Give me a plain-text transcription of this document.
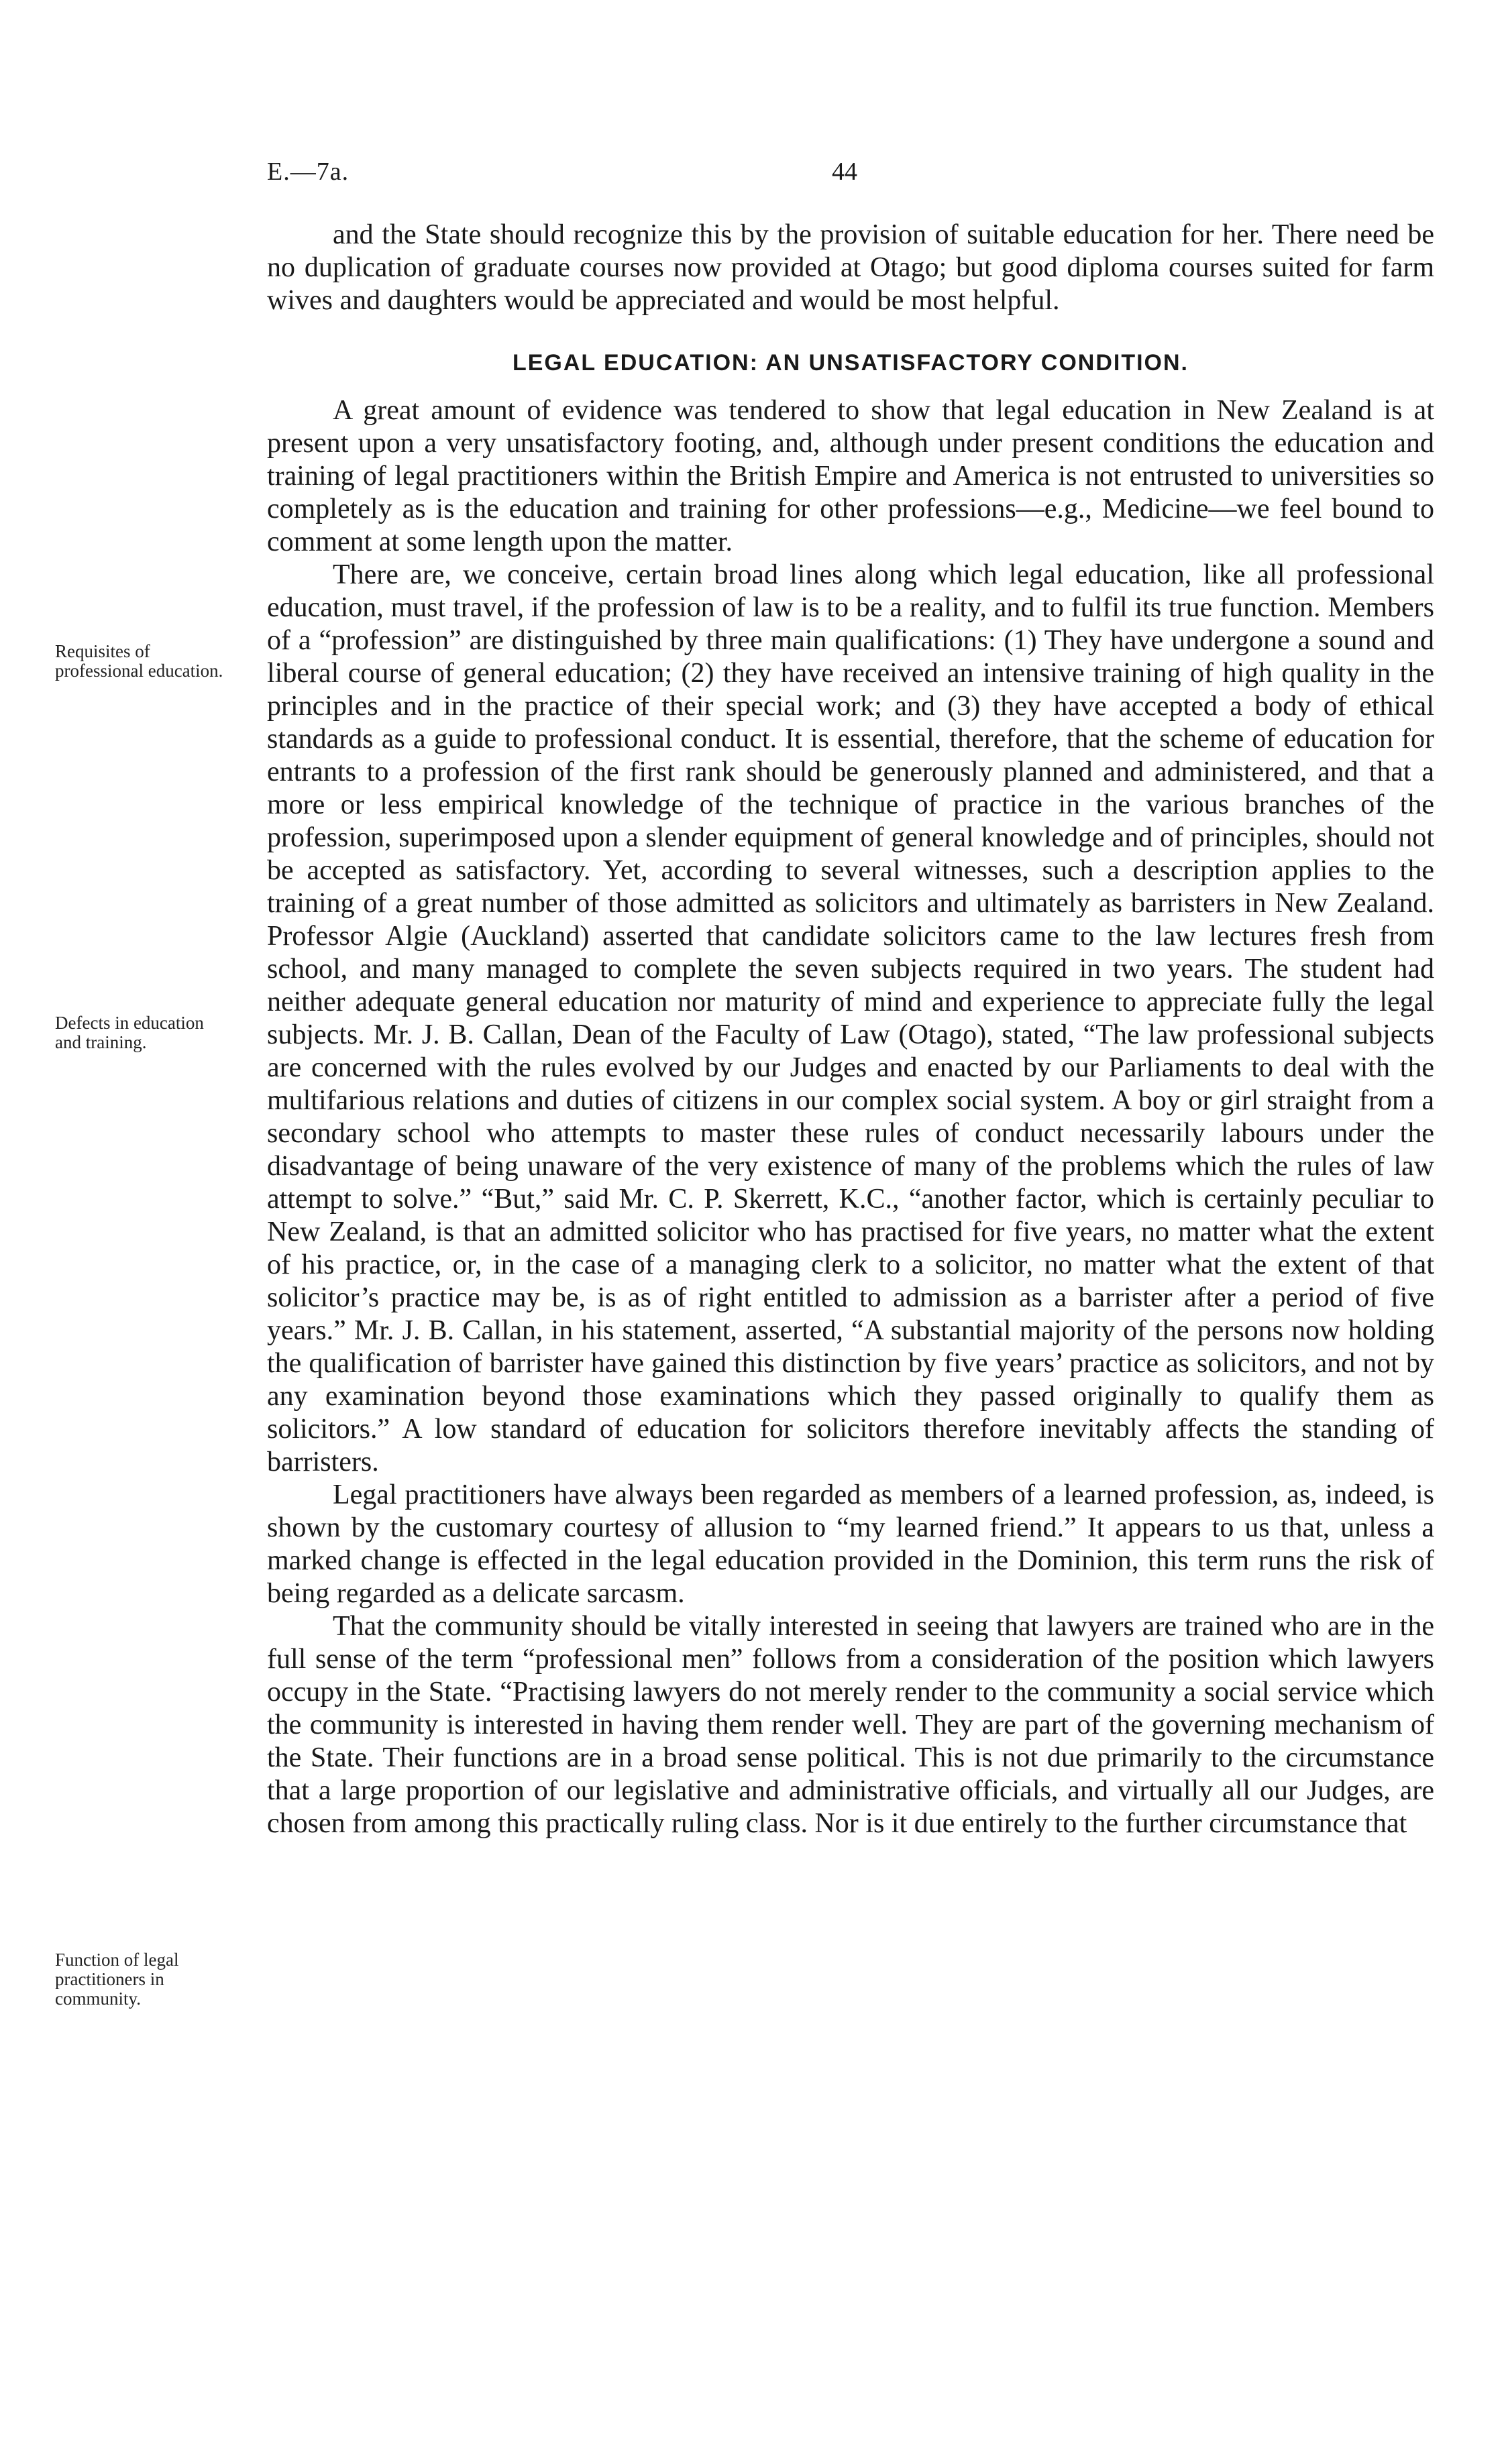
E.—7a.	44
Requisites of professional education.
Defects in education and training.
Function of legal practitioners in community.

and the State should recognize this by the provision of suitable education for her. There need be no duplication of graduate courses now provided at Otago; but good diploma courses suited for farm wives and daughters would be appreciated and would be most helpful.

LEGAL EDUCATION: AN UNSATISFACTORY CONDITION.

A great amount of evidence was tendered to show that legal education in New Zealand is at present upon a very unsatisfactory footing, and, although under present conditions the education and training of legal practitioners within the British Empire and America is not entrusted to universities so completely as is the education and training for other professions—e.g., Medicine—we feel bound to comment at some length upon the matter.

There are, we conceive, certain broad lines along which legal education, like all professional education, must travel, if the profession of law is to be a reality, and to fulfil its true function. Members of a “profession” are distinguished by three main qualifications: (1) They have undergone a sound and liberal course of general education; (2) they have received an intensive training of high quality in the principles and in the practice of their special work; and (3) they have accepted a body of ethical standards as a guide to professional conduct. It is essential, therefore, that the scheme of education for entrants to a profession of the first rank should be generously planned and administered, and that a more or less empirical knowledge of the technique of practice in the various branches of the profession, superimposed upon a slender equipment of general knowledge and of principles, should not be accepted as satisfactory. Yet, according to several witnesses, such a description applies to the training of a great number of those admitted as solicitors and ultimately as barristers in New Zealand. Professor Algie (Auckland) asserted that candidate solicitors came to the law lectures fresh from school, and many managed to complete the seven subjects required in two years. The student had neither adequate general education nor maturity of mind and experience to appreciate fully the legal subjects. Mr. J. B. Callan, Dean of the Faculty of Law (Otago), stated, “The law professional subjects are concerned with the rules evolved by our Judges and enacted by our Parliaments to deal with the multifarious relations and duties of citizens in our complex social system. A boy or girl straight from a secondary school who attempts to master these rules of conduct necessarily labours under the disadvantage of being unaware of the very existence of many of the problems which the rules of law attempt to solve.” “But,” said Mr. C. P. Skerrett, K.C., “another factor, which is certainly peculiar to New Zealand, is that an admitted solicitor who has practised for five years, no matter what the extent of his practice, or, in the case of a managing clerk to a solicitor, no matter what the extent of that solicitor’s practice may be, is as of right entitled to admission as a barrister after a period of five years.” Mr. J. B. Callan, in his statement, asserted, “A substantial majority of the persons now holding the qualification of barrister have gained this distinction by five years’ practice as solicitors, and not by any examination beyond those examinations which they passed originally to qualify them as solicitors.” A low standard of education for solicitors therefore inevitably affects the standing of barristers.

Legal practitioners have always been regarded as members of a learned profession, as, indeed, is shown by the customary courtesy of allusion to “my learned friend.” It appears to us that, unless a marked change is effected in the legal education provided in the Dominion, this term runs the risk of being regarded as a delicate sarcasm.

That the community should be vitally interested in seeing that lawyers are trained who are in the full sense of the term “professional men” follows from a consideration of the position which lawyers occupy in the State. “Practising lawyers do not merely render to the community a social service which the community is interested in having them render well. They are part of the governing mechanism of the State. Their functions are in a broad sense political. This is not due primarily to the circumstance that a large proportion of our legislative and administrative officials, and virtually all our Judges, are chosen from among this practically ruling class. Nor is it due entirely to the further circumstance that
